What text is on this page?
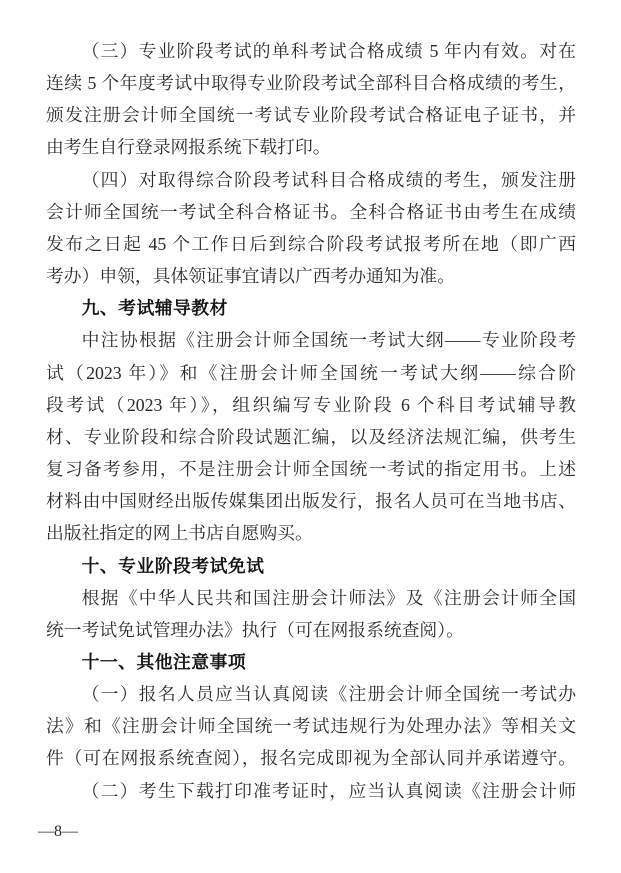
（三）专业阶段考试的单科考试合格成绩 5 年内有效。对在
连续 5 个年度考试中取得专业阶段考试全部科目合格成绩的考生，
颁发注册会计师全国统一考试专业阶段考试合格证电子证书，并
由考生自行登录网报系统下载打印。
（四）对取得综合阶段考试科目合格成绩的考生，颁发注册
会计师全国统一考试全科合格证书。全科合格证书由考生在成绩
发布之日起 45 个工作日后到综合阶段考试报考所在地（即广西
考办）申领，具体领证事宜请以广西考办通知为准。
九、考试辅导教材
中注协根据《注册会计师全国统一考试大纲——专业阶段考
试（2023 年）》和《注册会计师全国统一考试大纲——综合阶
段考试（2023 年）》，组织编写专业阶段 6 个科目考试辅导教
材、专业阶段和综合阶段试题汇编，以及经济法规汇编，供考生
复习备考参用，不是注册会计师全国统一考试的指定用书。上述
材料由中国财经出版传媒集团出版发行，报名人员可在当地书店、
出版社指定的网上书店自愿购买。
十、专业阶段考试免试
根据《中华人民共和国注册会计师法》及《注册会计师全国
统一考试免试管理办法》执行（可在网报系统查阅）。
十一、其他注意事项
（一）报名人员应当认真阅读《注册会计师全国统一考试办
法》和《注册会计师全国统一考试违规行为处理办法》等相关文
件（可在网报系统查阅），报名完成即视为全部认同并承诺遵守。
（二）考生下载打印准考证时，应当认真阅读《注册会计师
—8—
